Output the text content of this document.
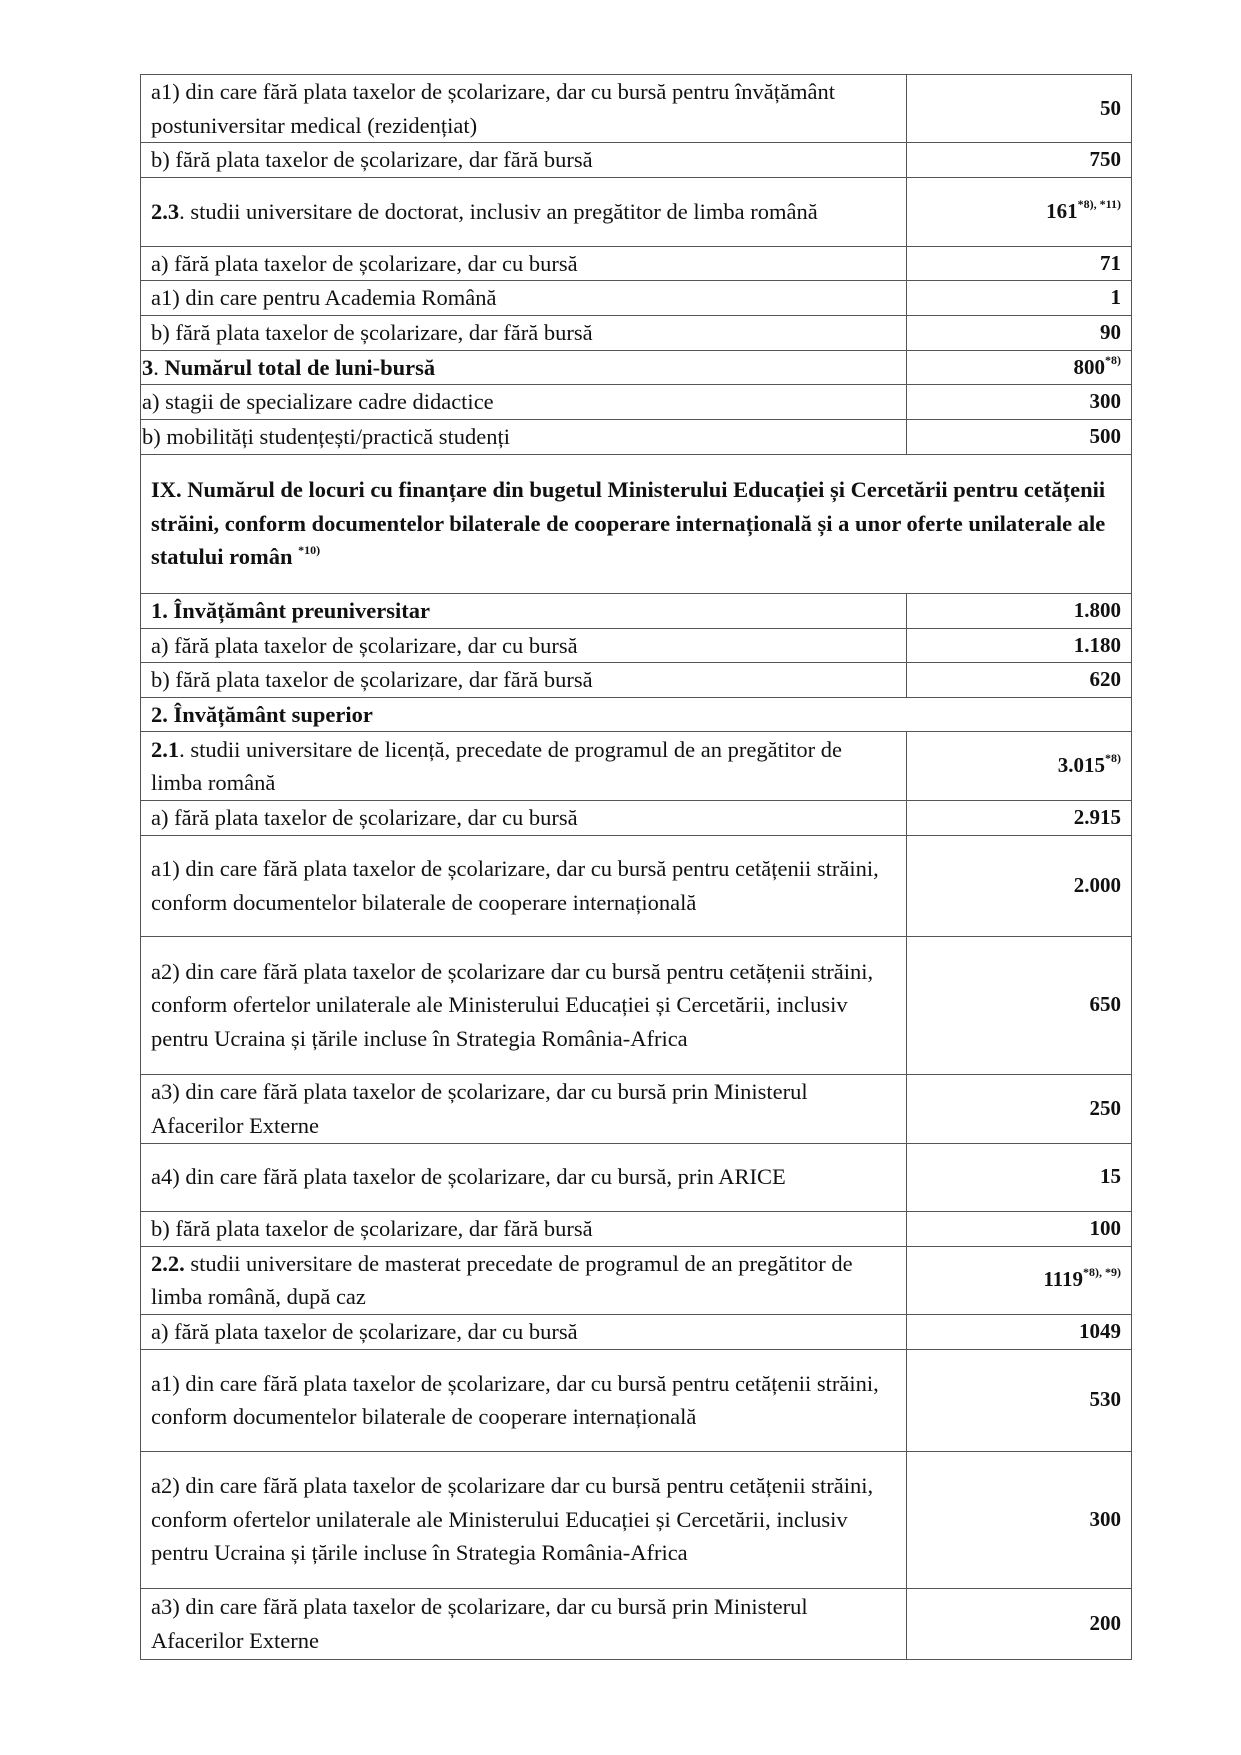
a1) din care fără plata taxelor de școlarizare, dar cu bursă pentru învățământ postuniversitar medical (rezidențiat)	50
b) fără plata taxelor de școlarizare, dar fără bursă	750
2.3. studii universitare de doctorat, inclusiv an pregătitor de limba română	161$^{*8), *11)}$
a) fără plata taxelor de școlarizare, dar cu bursă	71
a1) din care pentru Academia Română	1
b) fără plata taxelor de școlarizare, dar fără bursă	90
3. Numărul total de luni-bursă	800$^{*8)}$
a) stagii de specializare cadre didactice	300
b) mobilități studențești/practică studenți	500
IX. Numărul de locuri cu finanțare din bugetul Ministerului Educației și Cercetării pentru cetățenii străini, conform documentelor bilaterale de cooperare internațională și a unor oferte unilaterale ale statului român $^{*10)}$
1. Învățământ preuniversitar	1.800
a) fără plata taxelor de școlarizare, dar cu bursă	1.180
b) fără plata taxelor de școlarizare, dar fără bursă	620
2. Învățământ superior	
2.1. studii universitare de licență, precedate de programul de an pregătitor de limba română	3.015$^{*8)}$
a) fără plata taxelor de școlarizare, dar cu bursă	2.915
a1) din care fără plata taxelor de școlarizare, dar cu bursă pentru cetățenii străini, conform documentelor bilaterale de cooperare internațională	2.000
a2) din care fără plata taxelor de școlarizare dar cu bursă pentru cetățenii străini, conform ofertelor unilaterale ale Ministerului Educației și Cercetării, inclusiv pentru Ucraina și țările incluse în Strategia România-Africa	650
a3) din care fără plata taxelor de școlarizare, dar cu bursă prin Ministerul Afacerilor Externe	250
a4) din care fără plata taxelor de școlarizare, dar cu bursă, prin ARICE	15
b) fără plata taxelor de școlarizare, dar fără bursă	100
2.2. studii universitare de masterat precedate de programul de an pregătitor de limba română, după caz	1119$^{*8), *9)}$
a) fără plata taxelor de școlarizare, dar cu bursă	1049
a1) din care fără plata taxelor de școlarizare, dar cu bursă pentru cetățenii străini, conform documentelor bilaterale de cooperare internațională	530
a2) din care fără plata taxelor de școlarizare dar cu bursă pentru cetățenii străini, conform ofertelor unilaterale ale Ministerului Educației și Cercetării, inclusiv pentru Ucraina și țările incluse în Strategia România-Africa	300
a3) din care fără plata taxelor de școlarizare, dar cu bursă prin Ministerul Afacerilor Externe	200
